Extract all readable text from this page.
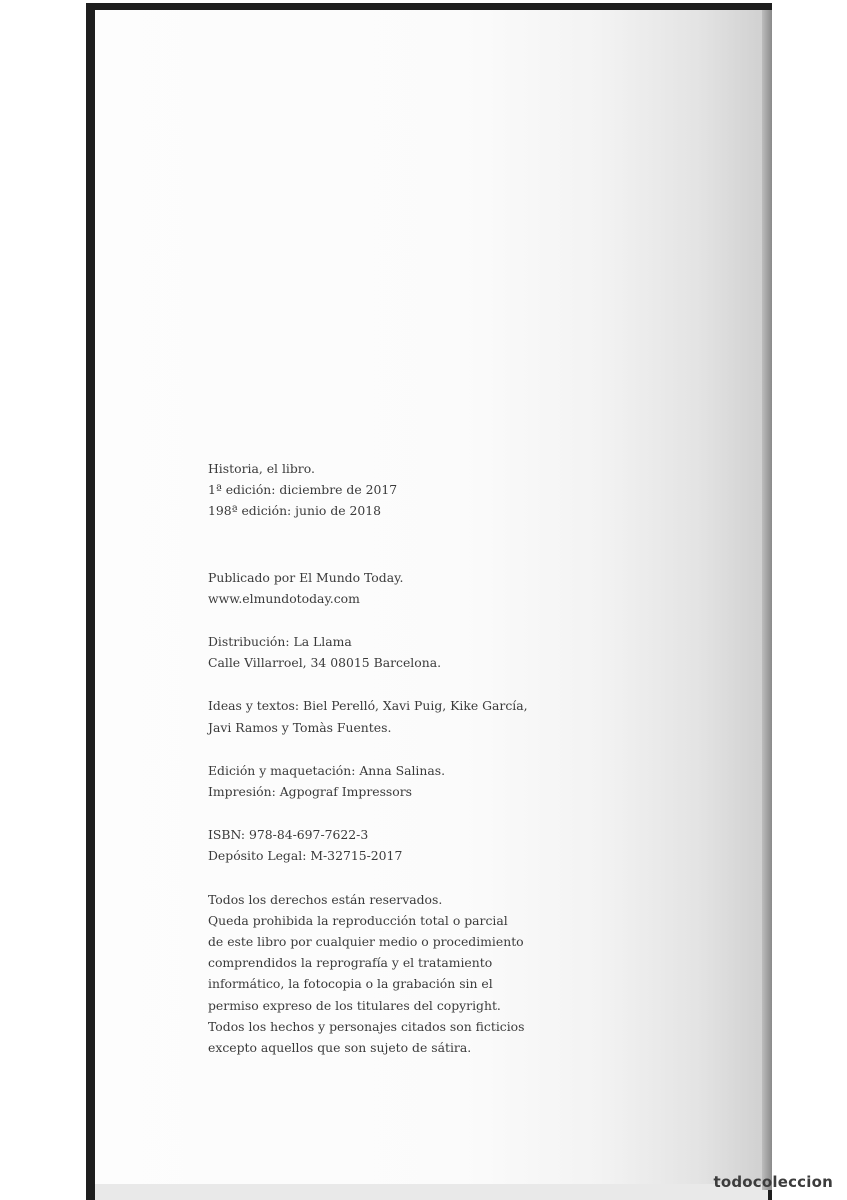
Historia, el libro.
1ª edición: diciembre de 2017
198ª edición: junio de 2018
Publicado por El Mundo Today.
www.elmundotoday.com
Distribución: La Llama
Calle Villarroel, 34 08015 Barcelona.
Ideas y textos: Biel Perelló, Xavi Puig, Kike García,
Javi Ramos y Tomàs Fuentes.
Edición y maquetación: Anna Salinas.
Impresión: Agpograf Impressors
ISBN: 978-84-697-7622-3
Depósito Legal: M-32715-2017
Todos los derechos están reservados.
Queda prohibida la reproducción total o parcial
de este libro por cualquier medio o procedimiento
comprendidos la reprografía y el tratamiento
informático, la fotocopia o la grabación sin el
permiso expreso de los titulares del copyright.
Todos los hechos y personajes citados son ficticios
excepto aquellos que son sujeto de sátira.
todocoleccion
